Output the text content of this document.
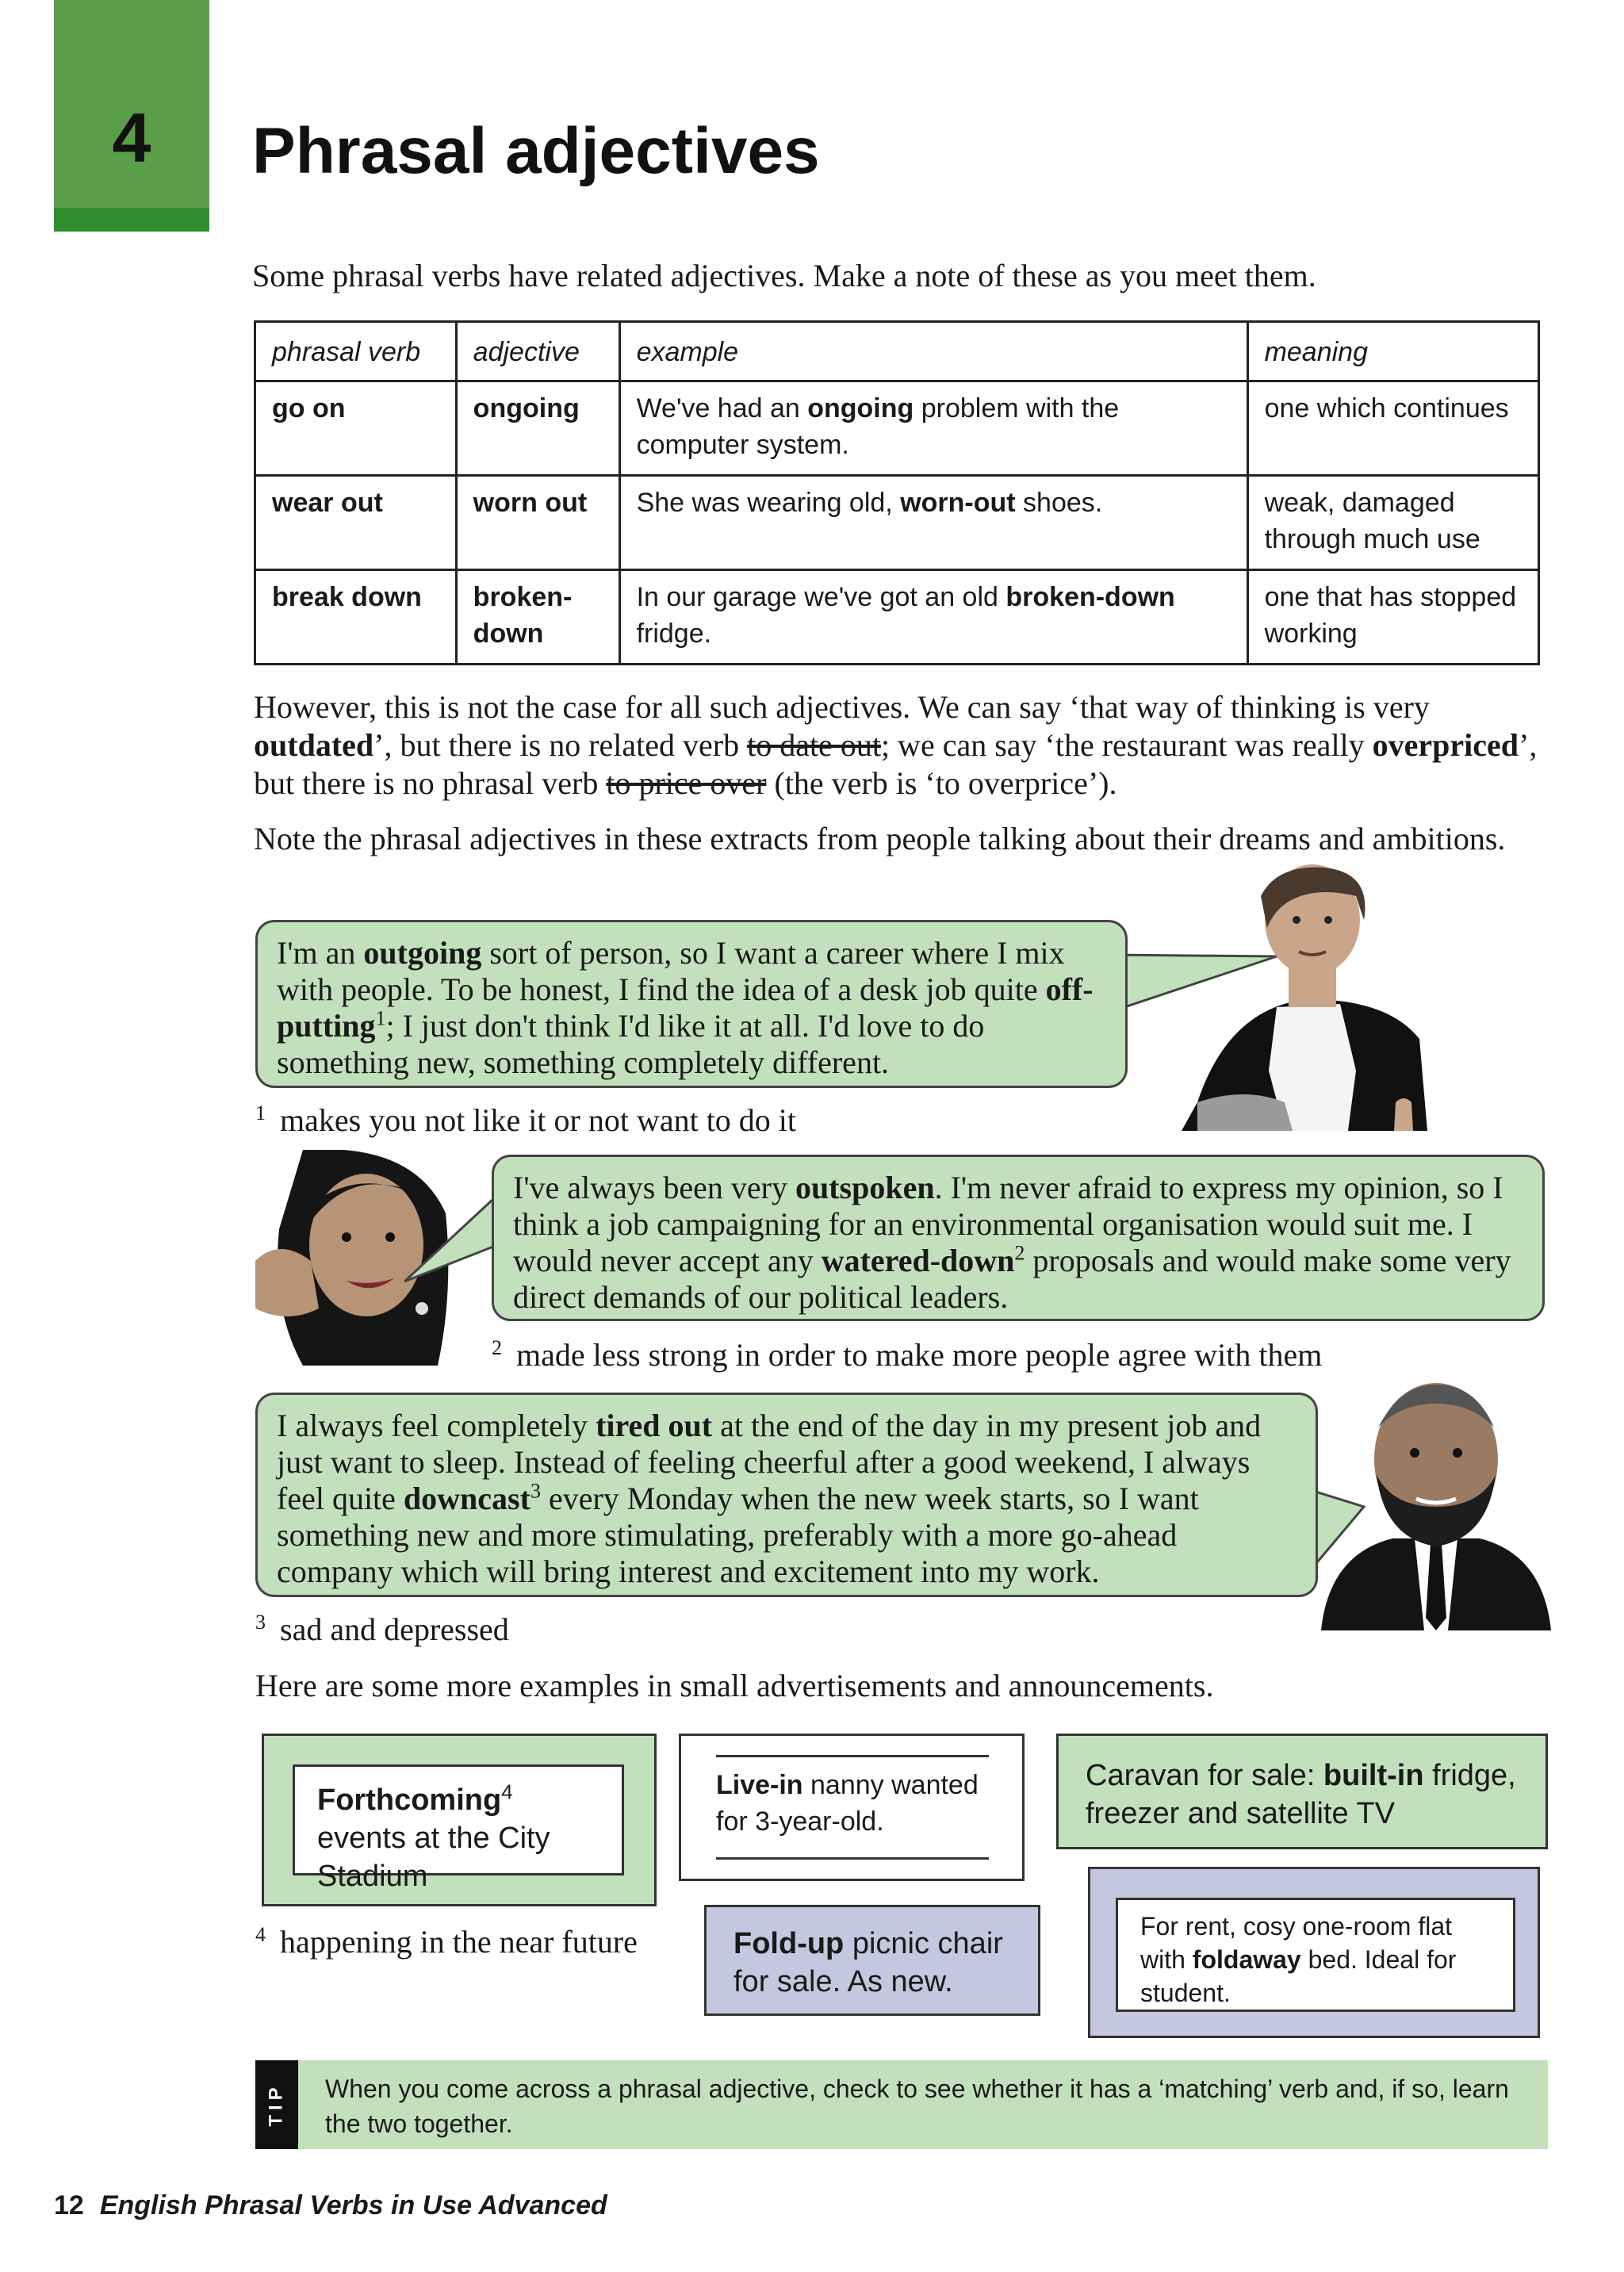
4	Phrasal adjectives
Some phrasal verbs have related adjectives. Make a note of these as you meet them.
phrasal verb	adjective	example	meaning
go on	ongoing	We've had an ongoing problem with the computer system.	one which continues
wear out	worn out	She was wearing old, worn-out shoes.	weak, damaged through much use
break down	broken-down	In our garage we've got an old broken-down fridge.	one that has stopped working
However, this is not the case for all such adjectives. We can say ‘that way of thinking is very outdated’, but there is no related verb to date out; we can say ‘the restaurant was really overpriced’, but there is no phrasal verb to price over (the verb is ‘to overprice’).
Note the phrasal adjectives in these extracts from people talking about their dreams and ambitions.
I'm an outgoing sort of person, so I want a career where I mix with people. To be honest, I find the idea of a desk job quite off-putting$^1$; I just don't think I'd like it at all. I'd love to do something new, something completely different.
$^1$ makes you not like it or not want to do it
I've always been very outspoken. I'm never afraid to express my opinion, so I think a job campaigning for an environmental organisation would suit me. I would never accept any watered-down$^2$ proposals and would make some very direct demands of our political leaders.
$^2$ made less strong in order to make more people agree with them
I always feel completely tired out at the end of the day in my present job and just want to sleep. Instead of feeling cheerful after a good weekend, I always feel quite downcast$^3$ every Monday when the new week starts, so I want something new and more stimulating, preferably with a more go-ahead company which will bring interest and excitement into my work.
$^3$ sad and depressed
Here are some more examples in small advertisements and announcements.
Forthcoming$^4$ events at the City Stadium
Live-in nanny wanted for 3-year-old.
Caravan for sale: built-in fridge, freezer and satellite TV
$^4$ happening in the near future	Fold-up picnic chair for sale. As new.
For rent, cosy one-room flat with foldaway bed. Ideal for student.
TIP When you come across a phrasal adjective, check to see whether it has a ‘matching’ verb and, if so, learn the two together.
12 English Phrasal Verbs in Use Advanced
